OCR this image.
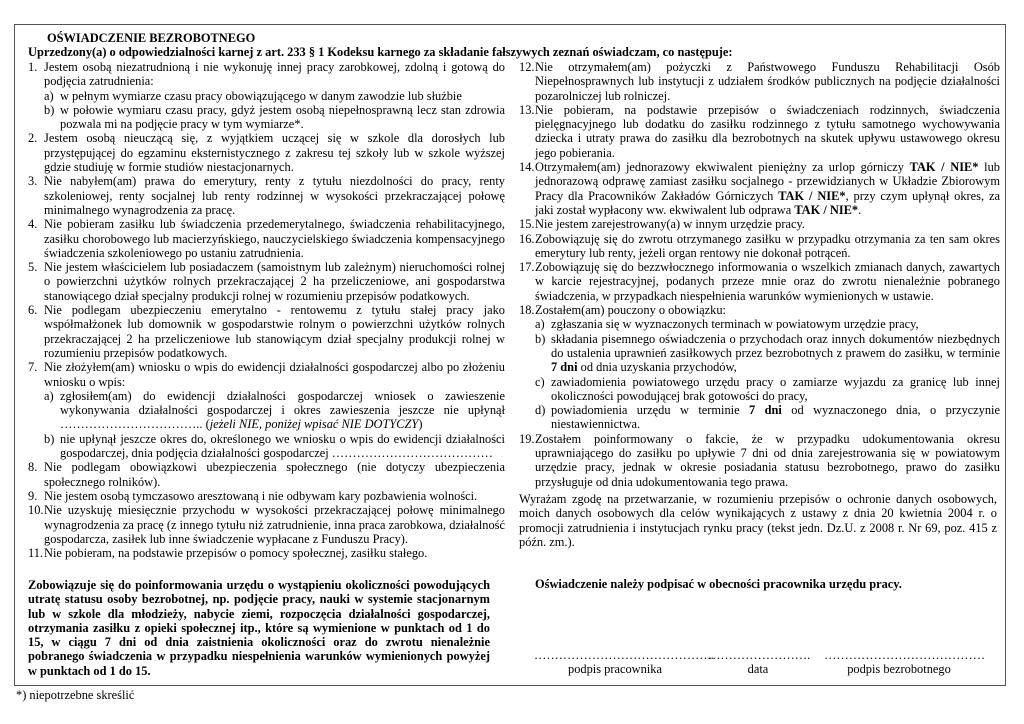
OŚWIADCZENIE BEZROBOTNEGO
Uprzedzony(a) o odpowiedzialności karnej z art. 233 § 1 Kodeksu karnego za składanie fałszywych zeznań oświadczam, co następuje:
1. Jestem osobą niezatrudnioną i nie wykonuję innej pracy zarobkowej, zdolną i gotową do podjęcia zatrudnienia:
a) w pełnym wymiarze czasu pracy obowiązującego w danym zawodzie lub służbie
b) w połowie wymiaru czasu pracy, gdyż jestem osobą niepełnosprawną lecz stan zdrowia pozwala mi na podjęcie pracy w tym wymiarze*.
2. Jestem osobą nieuczącą się, z wyjątkiem uczącej się w szkole dla dorosłych lub przystępującej do egzaminu eksternistycznego z zakresu tej szkoły lub w szkole wyższej gdzie studiuję w formie studiów niestacjonarnych.
3. Nie nabyłem(am) prawa do emerytury, renty z tytułu niezdolności do pracy, renty szkoleniowej, renty socjalnej lub renty rodzinnej w wysokości przekraczającej połowę minimalnego wynagrodzenia za pracę.
4. Nie pobieram zasiłku lub świadczenia przedemerytalnego, świadczenia rehabilitacyjnego, zasiłku chorobowego lub macierzyńskiego, nauczycielskiego świadczenia kompensacyjnego świadczenia szkoleniowego po ustaniu zatrudnienia.
5. Nie jestem właścicielem lub posiadaczem (samoistnym lub zależnym) nieruchomości rolnej o powierzchni użytków rolnych przekraczającej 2 ha przeliczeniowe, ani gospodarstwa stanowiącego dział specjalny produkcji rolnej w rozumieniu przepisów podatkowych.
6. Nie podlegam ubezpieczeniu emerytalno - rentowemu z tytułu stałej pracy jako współmałżonek lub domownik w gospodarstwie rolnym o powierzchni użytków rolnych przekraczającej 2 ha przeliczeniowe lub stanowiącym dział specjalny produkcji rolnej w rozumieniu przepisów podatkowych.
7. Nie złożyłem(am) wniosku o wpis do ewidencji działalności gospodarczej albo po złożeniu wniosku o wpis:
a) zgłosiłem(am) do ewidencji działalności gospodarczej wniosek o zawieszenie wykonywania działalności gospodarczej i okres zawieszenia jeszcze nie upłynął …………………………….. (jeżeli NIE, poniżej wpisać NIE DOTYCZY)
b) nie upłynął jeszcze okres do, określonego we wniosku o wpis do ewidencji działalności gospodarczej, dnia podjęcia działalności gospodarczej …………………………………
8. Nie podlegam obowiązkowi ubezpieczenia społecznego (nie dotyczy ubezpieczenia społecznego rolników).
9. Nie jestem osobą tymczasowo aresztowaną i nie odbywam kary pozbawienia wolności.
10. Nie uzyskuję miesięcznie przychodu w wysokości przekraczającej połowę minimalnego wynagrodzenia za pracę (z innego tytułu niż zatrudnienie, inna praca zarobkowa, działalność gospodarcza, zasiłek lub inne świadczenie wypłacane z Funduszu Pracy).
11. Nie pobieram, na podstawie przepisów o pomocy społecznej, zasiłku stałego.
12. Nie otrzymałem(am) pożyczki z Państwowego Funduszu Rehabilitacji Osób Niepełnosprawnych lub instytucji z udziałem środków publicznych na podjęcie działalności pozarolniczej lub rolniczej.
13. Nie pobieram, na podstawie przepisów o świadczeniach rodzinnych, świadczenia pielęgnacyjnego lub dodatku do zasiłku rodzinnego z tytułu samotnego wychowywania dziecka i utraty prawa do zasiłku dla bezrobotnych na skutek upływu ustawowego okresu jego pobierania.
14. Otrzymałem(am) jednorazowy ekwiwalent pieniężny za urlop górniczy TAK / NIE* lub jednorazową odprawę zamiast zasiłku socjalnego - przewidzianych w Układzie Zbiorowym Pracy dla Pracowników Zakładów Górniczych TAK / NIE*, przy czym upłynął okres, za jaki został wypłacony ww. ekwiwalent lub odprawa TAK / NIE*.
15. Nie jestem zarejestrowany(a) w innym urzędzie pracy.
16. Zobowiązuję się do zwrotu otrzymanego zasiłku w przypadku otrzymania za ten sam okres emerytury lub renty, jeżeli organ rentowy nie dokonał potrąceń.
17. Zobowiązuję się do bezzwłocznego informowania o wszelkich zmianach danych, zawartych w karcie rejestracyjnej, podanych przeze mnie oraz do zwrotu nienależnie pobranego świadczenia, w przypadkach niespełnienia warunków wymienionych w ustawie.
18. Zostałem(am) pouczony o obowiązku:
a) zgłaszania się w wyznaczonych terminach w powiatowym urzędzie pracy,
b) składania pisemnego oświadczenia o przychodach oraz innych dokumentów niezbędnych do ustalenia uprawnień zasiłkowych przez bezrobotnych z prawem do zasiłku, w terminie 7 dni od dnia uzyskania przychodów,
c) zawiadomienia powiatowego urzędu pracy o zamiarze wyjazdu za granicę lub innej okoliczności powodującej brak gotowości do pracy,
d) powiadomienia urzędu w terminie 7 dni od wyznaczonego dnia, o przyczynie niestawiennictwa.
19. Zostałem poinformowany o fakcie, że w przypadku udokumentowania okresu uprawniającego do zasiłku po upływie 7 dni od dnia zarejestrowania się w powiatowym urzędzie pracy, jednak w okresie posiadania statusu bezrobotnego, prawo do zasiłku przysługuje od dnia udokumentowania tego prawa.
Wyrażam zgodę na przetwarzanie, w rozumieniu przepisów o ochronie danych osobowych, moich danych osobowych dla celów wynikających z ustawy z dnia 20 kwietnia 2004 r. o promocji zatrudnienia i instytucjach rynku pracy (tekst jedn. Dz.U. z 2008 r. Nr 69, poz. 415 z późn. zm.).
Zobowiązuje się do poinformowania urzędu o wystąpieniu okoliczności powodujących utratę statusu osoby bezrobotnej, np. podjęcie pracy, nauki w systemie stacjonarnym lub w szkole dla młodzieży, nabycie ziemi, rozpoczęcia działalności gospodarczej, otrzymania zasiłku z opieki społecznej itp., które są wymienione w punktach od 1 do 15, w ciągu 7 dni od dnia zaistnienia okoliczności oraz do zwrotu nienależnie pobranego świadczenia w przypadku niespełnienia warunków wymienionych powyżej w punktach od 1 do 15.
Oświadczenie należy podpisać w obecności pracownika urzędu pracy.
……………………………………..
podpis pracownika
…………………….
data
…………………………………
podpis bezrobotnego
*) niepotrzebne skreślić
